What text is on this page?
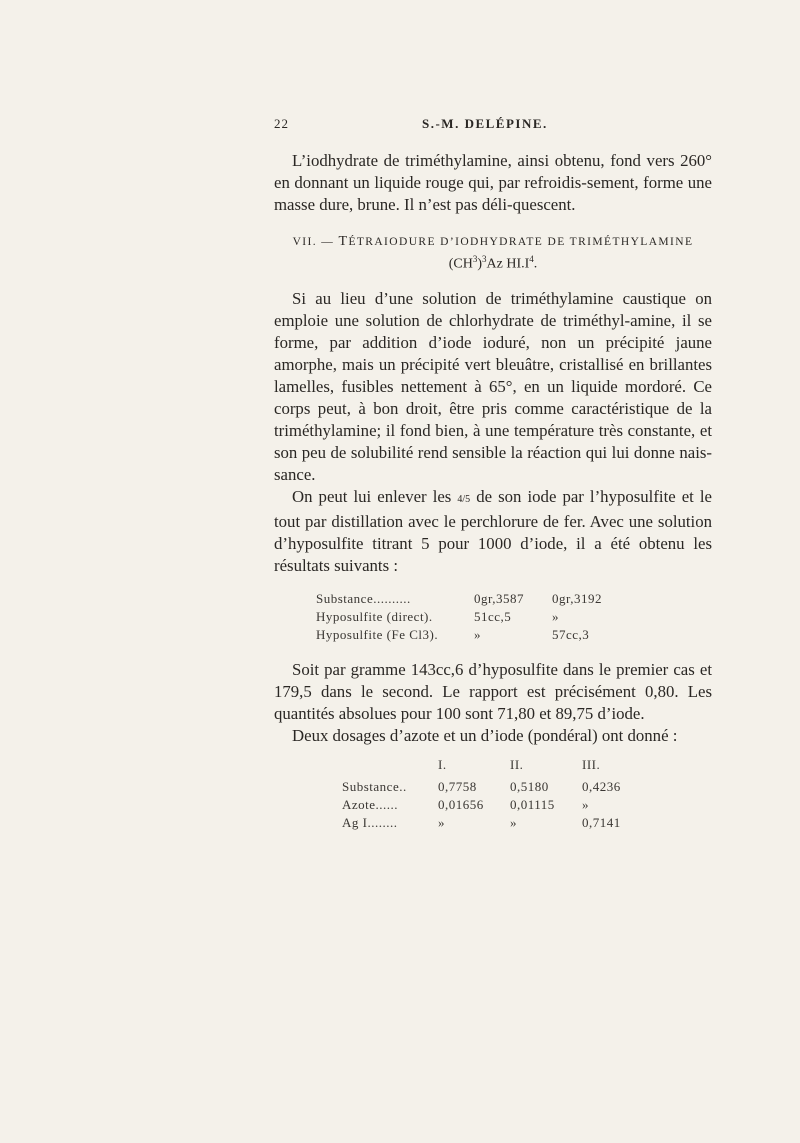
22	S.-M. DELÉPINE.

L’iodhydrate de triméthylamine, ainsi obtenu, fond vers 260° en donnant un liquide rouge qui, par refroidis-sement, forme une masse dure, brune. Il n’est pas déli-quescent.

VII. — TÉTRAIODURE D’IODHYDRATE DE TRIMÉTHYLAMINE
$(CH^3)^3Az$ $HI.I^4$.

Si au lieu d’une solution de triméthylamine caustique on emploie une solution de chlorhydrate de triméthyl-amine, il se forme, par addition d’iode ioduré, non un précipité jaune amorphe, mais un précipité vert bleuâtre, cristallisé en brillantes lamelles, fusibles nettement à 65°, en un liquide mordoré. Ce corps peut, à bon droit, être pris comme caractéristique de la triméthylamine; il fond bien, à une température très constante, et son peu de solubilité rend sensible la réaction qui lui donne nais-sance.

On peut lui enlever les 4/5 de son iode par l’hyposulfite et le tout par distillation avec le perchlorure de fer. Avec une solution d’hyposulfite titrant 5 pour 1000 d’iode, il a été obtenu les résultats suivants :

Substance..........	0gr,3587	0gr,3192
Hyposulfite (direct).	51cc,5	»
Hyposulfite (Fe Cl3).	»	57cc,3

Soit par gramme 143cc,6 d’hyposulfite dans le premier cas et 179,5 dans le second. Le rapport est précisément 0,80. Les quantités absolues pour 100 sont 71,80 et 89,75 d’iode.

Deux dosages d’azote et un d’iode (pondéral) ont donné :

	I.	II.	III.
Substance..	0,7758	0,5180	0,4236
Azote......	0,01656	0,01115	»
Ag I........	»	»	0,7141
